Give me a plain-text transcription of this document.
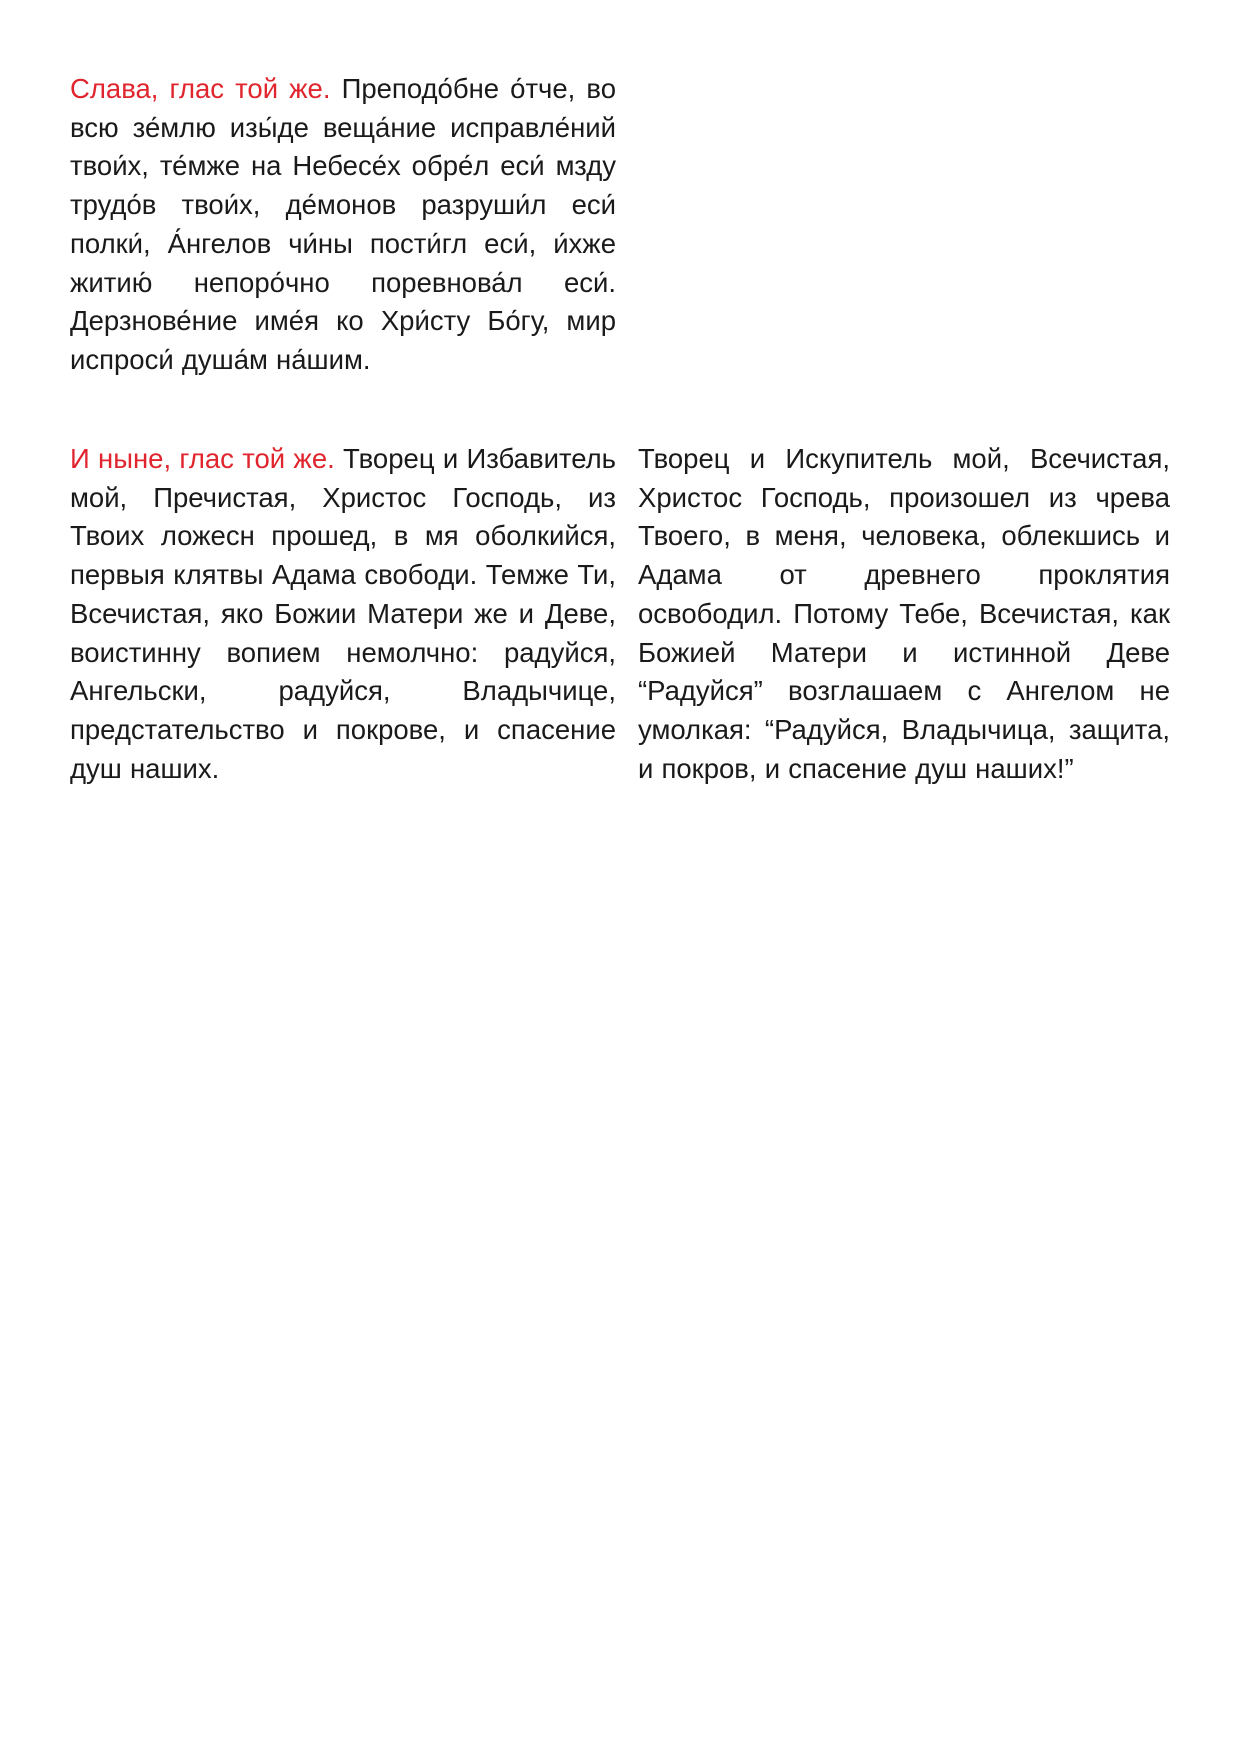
Слава, глас той же. Преподо́бне о́тче, во всю зе́млю изы́де веща́ние исправле́ний твои́х, те́мже на Небесе́х обре́л еси́ мзду трудо́в твои́х, де́монов разруши́л еси́ полки́, А́нгелов чи́ны пости́гл еси́, и́хже житию́ непоро́чно поревнова́л еси́. Дерзнове́ние име́я ко Хри́сту Бо́гу, мир испроси́ душа́м на́шим.

И ныне, глас той же. Творец и Избавитель мой, Пречистая, Христос Господь, из Твоих ложесн прошед, в мя оболкийся, первыя клятвы Адама свободи. Темже Ти, Всечистая, яко Божии Матери же и Деве, воистинну вопием немолчно: радуйся, Ангельски, радуйся, Владычице, предстательство и покрове, и спасение душ наших.

Творец и Искупитель мой, Всечистая, Христос Господь, произошел из чрева Твоего, в меня, человека, облекшись и Адама от древнего проклятия освободил. Потому Тебе, Всечистая, как Божией Матери и истинной Деве “Радуйся” возглашаем с Ангелом не умолкая: “Радуйся, Владычица, защита, и покров, и спасение душ наших!”
